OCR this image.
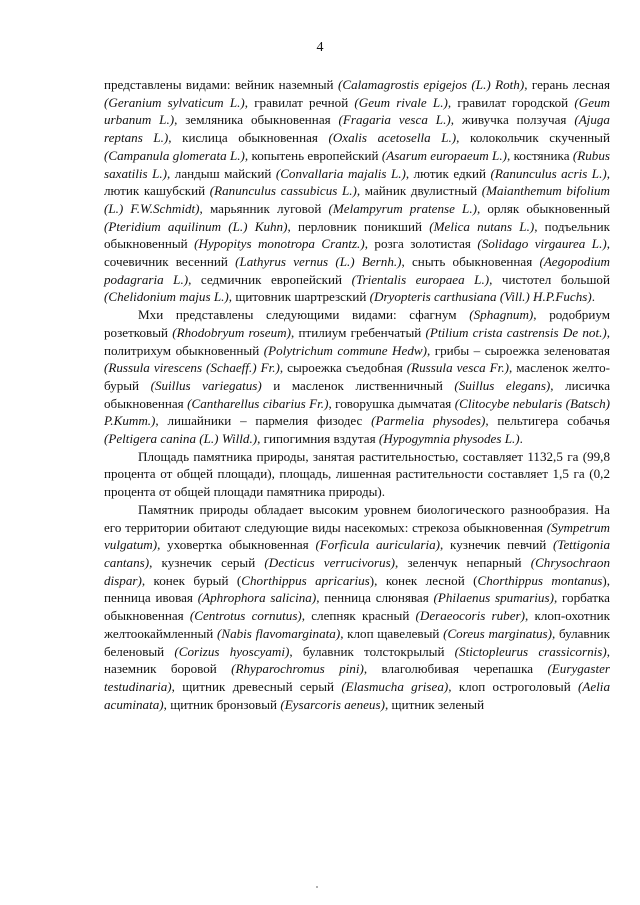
4

представлены видами: вейник наземный (Calamagrostis epigejos (L.) Roth), герань лесная (Geranium sylvaticum L.), гравилат речной (Geum rivale L.), гравилат городской (Geum urbanum L.), земляника обыкновенная (Fragaria vesca L.), живучка ползучая (Ajuga reptans L.), кислица обыкновенная (Oxalis acetosella L.), колокольчик скученный (Campanula glomerata L.), копытень европейский (Asarum europaeum L.), костяника (Rubus saxatilis L.), ландыш майский (Convallaria majalis L.), лютик едкий (Ranunculus acris L.), лютик кашубский (Ranunculus cassubicus L.), майник двулистный (Maianthemum bifolium (L.) F.W.Schmidt), марьянник луговой (Melampyrum pratense L.), орляк обыкновенный (Pteridium aquilinum (L.) Kuhn), перловник поникший (Melica nutans L.), подъельник обыкновенный (Hypopitys monotropa Crantz.), розга золотистая (Solidago virgaurea L.), сочевичник весенний (Lathyrus vernus (L.) Bernh.), сныть обыкновенная (Aegopodium podagraria L.), седмичник европейский (Trientalis europaea L.), чистотел большой (Chelidonium majus L.), щитовник шартрезский (Dryopteris carthusiana (Vill.) H.P.Fuchs).

Мхи представлены следующими видами: сфагнум (Sphagnum), родобриум розетковый (Rhodobryum roseum), птилиум гребенчатый (Ptilium crista castrensis De not.), политрихум обыкновенный (Polytrichum commune Hedw), грибы – сыроежка зеленоватая (Russula virescens (Schaeff.) Fr.), сыроежка съедобная (Russula vesca Fr.), масленок желто-бурый (Suillus variegatus) и масленок лиственничный (Suillus elegans), лисичка обыкновенная (Cantharellus cibarius Fr.), говорушка дымчатая (Clitocybe nebularis (Batsch) P.Kumm.), лишайники – пармелия физодес (Parmelia physodes), пельтигера собачья (Peltigera canina (L.) Willd.), гипогимния вздутая (Hypogymnia physodes L.).

Площадь памятника природы, занятая растительностью, составляет 1132,5 га (99,8 процента от общей площади), площадь, лишенная растительности составляет 1,5 га (0,2 процента от общей площади памятника природы).

Памятник природы обладает высоким уровнем биологического разнообразия. На его территории обитают следующие виды насекомых: стрекоза обыкновенная (Sympetrum vulgatum), уховертка обыкновенная (Forficula auricularia), кузнечик певчий (Tettigonia cantans), кузнечик серый (Decticus verrucivorus), зеленчук непарный (Chrysochraon dispar), конек бурый (Chorthippus apricarius), конек лесной (Chorthippus montanus), пенница ивовая (Aphrophora salicina), пенница слюнявая (Philaenus spumarius), горбатка обыкновенная (Centrotus cornutus), слепняк красный (Deraeocoris ruber), клоп-охотник желтоокаймленный (Nabis flavomarginata), клоп щавелевый (Coreus marginatus), булавник беленовый (Corizus hyoscyami), булавник толстокрылый (Stictopleurus crassicornis), наземник боровой (Rhyparochromus pini), влаголюбивая черепашка (Eurygaster testudinaria), щитник древесный серый (Elasmucha grisea), клоп остроголовый (Aelia acuminata), щитник бронзовый (Eysarcoris aeneus), щитник зеленый
